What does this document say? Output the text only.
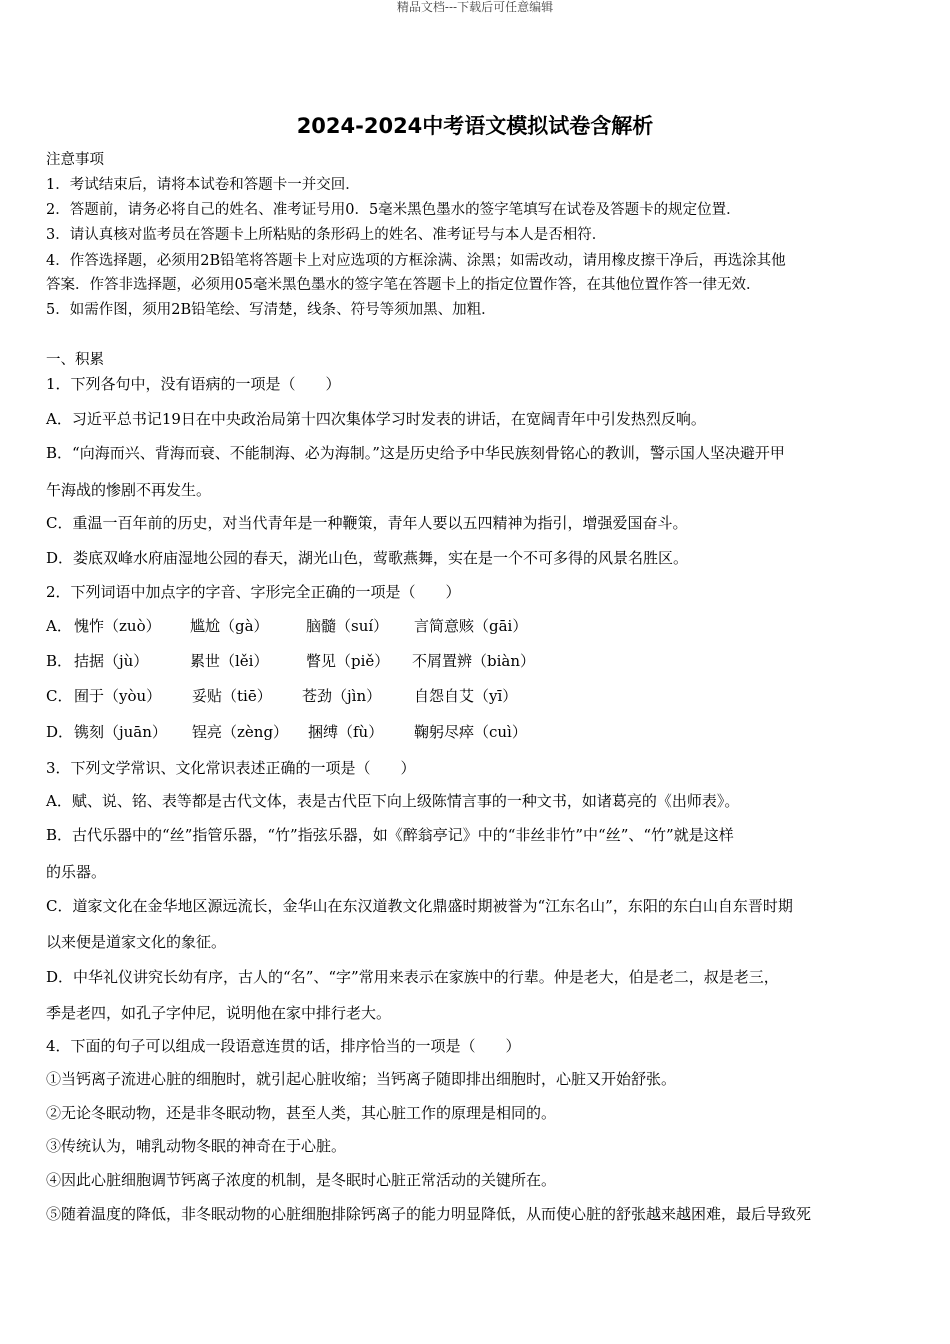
精品文档---下载后可任意编辑
2024-2024中考语文模拟试卷含解析
注意事项
1．考试结束后，请将本试卷和答题卡一并交回．
2．答题前，请务必将自己的姓名、准考证号用0．5毫米黑色墨水的签字笔填写在试卷及答题卡的规定位置．
3．请认真核对监考员在答题卡上所粘贴的条形码上的姓名、准考证号与本人是否相符．
4．作答选择题，必须用2B铅笔将答题卡上对应选项的方框涂满、涂黑；如需改动，请用橡皮擦干净后，再选涂其他
答案．作答非选择题，必须用05毫米黑色墨水的签字笔在答题卡上的指定位置作答，在其他位置作答一律无效．
5．如需作图，须用2B铅笔绘、写清楚，线条、符号等须加黑、加粗．
一、积累
1．下列各句中，没有语病的一项是（　　）
A．习近平总书记19日在中央政治局第十四次集体学习时发表的讲话，在宽阔青年中引发热烈反响。
B．“向海而兴、背海而衰、不能制海、必为海制。”这是历史给予中华民族刻骨铭心的教训，警示国人坚决避开甲
午海战的惨剧不再发生。
C．重温一百年前的历史，对当代青年是一种鞭策，青年人要以五四精神为指引，增强爱国奋斗。
D．娄底双峰水府庙湿地公园的春天，湖光山色，莺歌燕舞，实在是一个不可多得的风景名胜区。
2．下列词语中加点字的字音、字形完全正确的一项是（　　）
A． 愧怍（zuò） 尴尬（gà） 脑髓（suí） 言简意赅（gāi）
B． 拮据（jù）	累世（lěi）	瞥见（piě） 不屑置辨（biàn）
C． 囿于（yòu） 妥贴（tiē） 苍劲（jìn） 自怨自艾（yī）
D．镌刻（juān） 锃亮（zèng） 捆缚（fù） 鞠躬尽瘁（cuì）
3．下列文学常识、文化常识表述正确的一项是（　　）
A．赋、说、铭、表等都是古代文体，表是古代臣下向上级陈情言事的一种文书，如诸葛亮的《出师表》。
B．古代乐器中的“丝”指管乐器，“竹”指弦乐器，如《醉翁亭记》中的“非丝非竹”中“丝”、“竹”就是这样
的乐器。
C．道家文化在金华地区源远流长，金华山在东汉道教文化鼎盛时期被誉为“江东名山”，东阳的东白山自东晋时期
以来便是道家文化的象征。
D．中华礼仪讲究长幼有序，古人的“名”、“字”常用来表示在家族中的行辈。仲是老大，伯是老二，叔是老三，
季是老四，如孔子字仲尼，说明他在家中排行老大。
4．下面的句子可以组成一段语意连贯的话，排序恰当的一项是（　　）
①当钙离子流进心脏的细胞时，就引起心脏收缩；当钙离子随即排出细胞时，心脏又开始舒张。
②无论冬眠动物，还是非冬眠动物，甚至人类，其心脏工作的原理是相同的。
③传统认为，哺乳动物冬眠的神奇在于心脏。
④因此心脏细胞调节钙离子浓度的机制，是冬眠时心脏正常活动的关键所在。
⑤随着温度的降低，非冬眠动物的心脏细胞排除钙离子的能力明显降低，从而使心脏的舒张越来越困难，最后导致死
